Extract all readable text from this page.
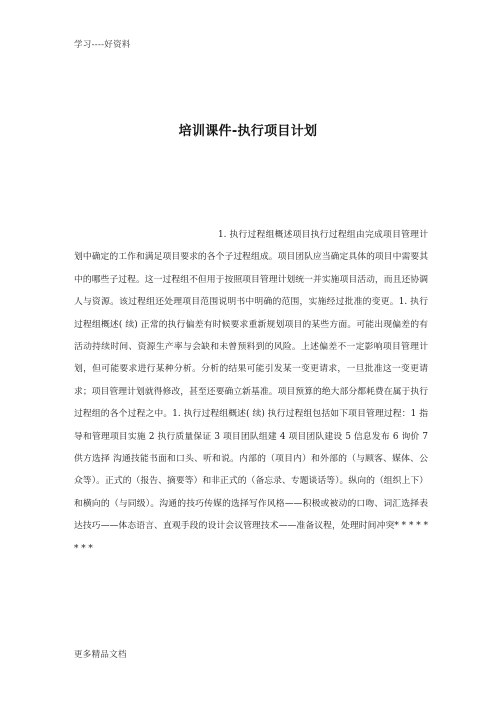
学习----好资料
培训课件-执行项目计划

1. 执行过程组概述项目执行过程组由完成项目管理计划中确定的工作和满足项目要求的各个子过程组成。项目团队应当确定具体的项目中需要其中的哪些子过程。这一过程组不但用于按照项目管理计划统一并实施项目活动，而且还协调人与资源。该过程组还处理项目范围说明书中明确的范围，实施经过批准的变更。1. 执行过程组概述( 续) 正常的执行偏差有时候要求重新规划项目的某些方面。可能出现偏差的有活动持续时间、资源生产率与会缺和未曾预料到的风险。上述偏差不一定影响项目管理计划，但可能要求进行某种分析。分析的结果可能引发某一变更请求，一旦批准这一变更请求；项目管理计划就得修改，甚至还要确立新基准。项目预算的绝大部分都耗费在属于执行过程组的各个过程之中。1. 执行过程组概述( 续) 执行过程组包括如下项目管理过程：1 指导和管理项目实施 2 执行质量保证 3 项目团队组建 4 项目团队建设 5 信息发布 6 询价 7 供方选择 沟通技能书面和口头、听和说。内部的（项目内）和外部的（与顾客、媒体、公众等）。正式的（报告、摘要等）和非正式的（备忘录、专题谈话等）。纵向的（组织上下）和横向的（与同级）。沟通的技巧传媒的选择写作风格——积极或被动的口吻、词汇选择表达技巧——体态语言、直观手段的设计会议管理技术——准备议程，处理时间冲突* * * * * * * *

更多精品文档
